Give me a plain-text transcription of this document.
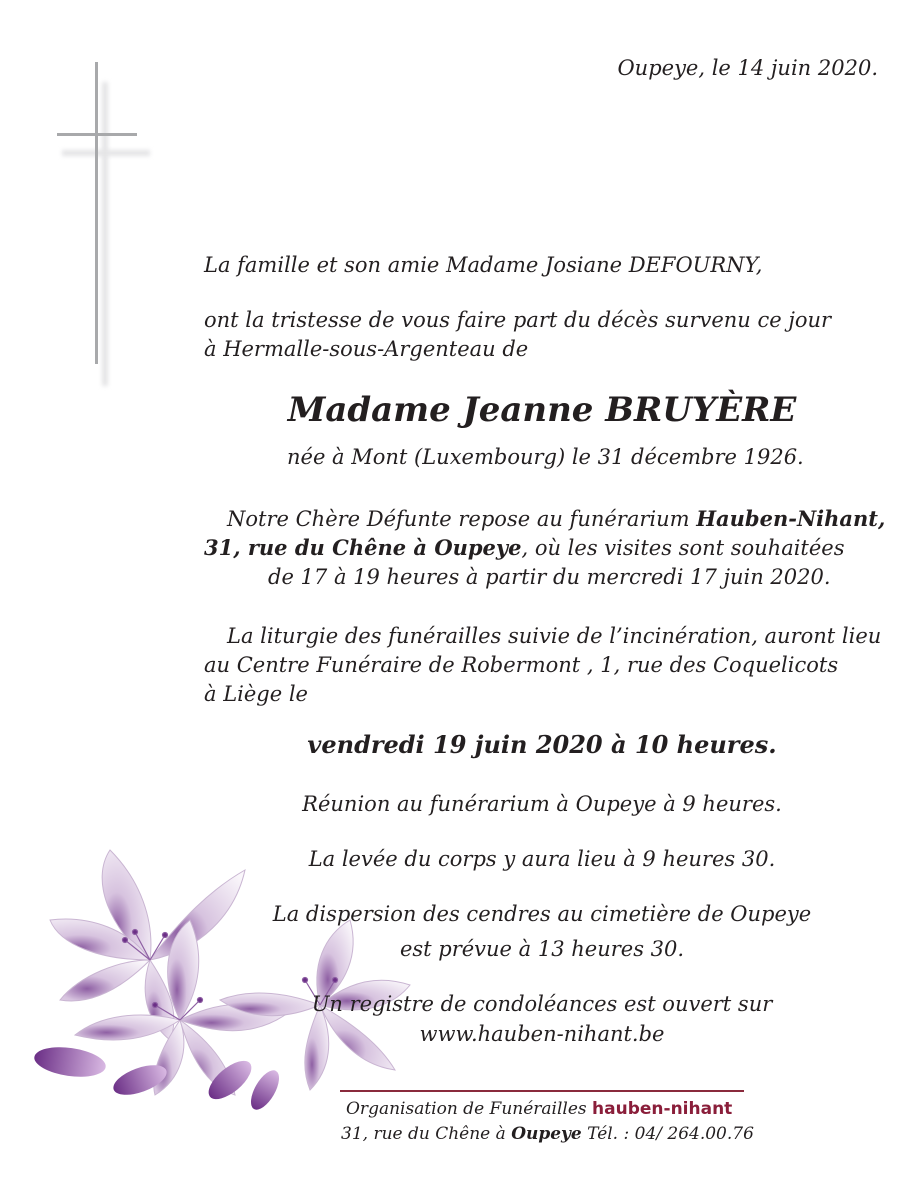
Oupeye, le 14 juin 2020.
La famille et son amie Madame Josiane DEFOURNY,
ont la tristesse de vous faire part du décès survenu ce jour
à Hermalle-sous-Argenteau de
Madame Jeanne BRUYÈRE
née à Mont (Luxembourg) le 31 décembre 1926.
Notre Chère Défunte repose au funérarium Hauben-Nihant,
31, rue du Chêne à Oupeye, où les visites sont souhaitées
de 17 à 19 heures à partir du mercredi 17 juin 2020.
La liturgie des funérailles suivie de l’incinération, auront lieu
au Centre Funéraire de Robermont , 1, rue des Coquelicots
à Liège le
vendredi 19 juin 2020 à 10 heures.
Réunion au funérarium à Oupeye à 9 heures.
La levée du corps y aura lieu à 9 heures 30.
La dispersion des cendres au cimetière de Oupeye
est prévue à 13 heures 30.
Un registre de condoléances est ouvert sur
www.hauben-nihant.be
Organisation de Funérailles hauben-nihant
31, rue du Chêne à Oupeye Tél. : 04/ 264.00.76
